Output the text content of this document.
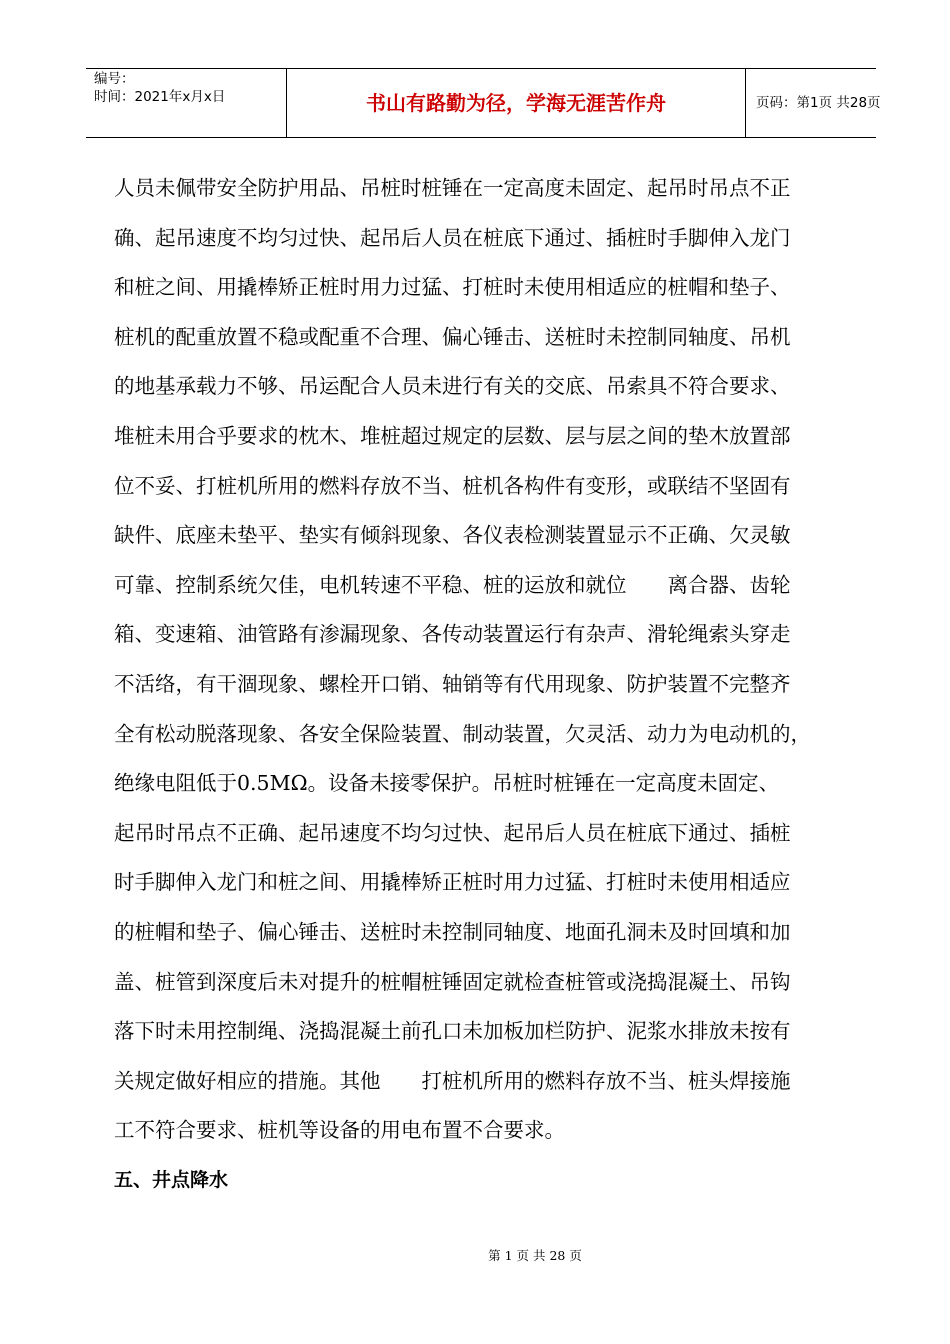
编号：
时间：2021年x月x日	书山有路勤为径，学海无涯苦作舟	页码：第1页 共28页
人员未佩带安全防护用品、吊桩时桩锤在一定高度未固定、起吊时吊点不正
确、起吊速度不均匀过快、起吊后人员在桩底下通过、插桩时手脚伸入龙门
和桩之间、用撬棒矫正桩时用力过猛、打桩时未使用相适应的桩帽和垫子、
桩机的配重放置不稳或配重不合理、偏心锤击、送桩时未控制同轴度、吊机
的地基承载力不够、吊运配合人员未进行有关的交底、吊索具不符合要求、
堆桩未用合乎要求的枕木、堆桩超过规定的层数、层与层之间的垫木放置部
位不妥、打桩机所用的燃料存放不当、桩机各构件有变形，或联结不坚固有
缺件、底座未垫平、垫实有倾斜现象、各仪表检测装置显示不正确、欠灵敏
可靠、控制系统欠佳，电机转速不平稳、桩的运放和就位　　离合器、齿轮
箱、变速箱、油管路有渗漏现象、各传动装置运行有杂声、滑轮绳索头穿走
不活络，有干涸现象、螺栓开口销、轴销等有代用现象、防护装置不完整齐
全有松动脱落现象、各安全保险装置、制动装置，欠灵活、动力为电动机的，
绝缘电阻低于0.5MΩ。设备未接零保护。吊桩时桩锤在一定高度未固定、
起吊时吊点不正确、起吊速度不均匀过快、起吊后人员在桩底下通过、插桩
时手脚伸入龙门和桩之间、用撬棒矫正桩时用力过猛、打桩时未使用相适应
的桩帽和垫子、偏心锤击、送桩时未控制同轴度、地面孔洞未及时回填和加
盖、桩管到深度后未对提升的桩帽桩锤固定就检查桩管或浇捣混凝土、吊钩
落下时未用控制绳、浇捣混凝土前孔口未加板加栏防护、泥浆水排放未按有
关规定做好相应的措施。其他　　打桩机所用的燃料存放不当、桩头焊接施
工不符合要求、桩机等设备的用电布置不合要求。
五、井点降水
第 1 页 共 28 页
